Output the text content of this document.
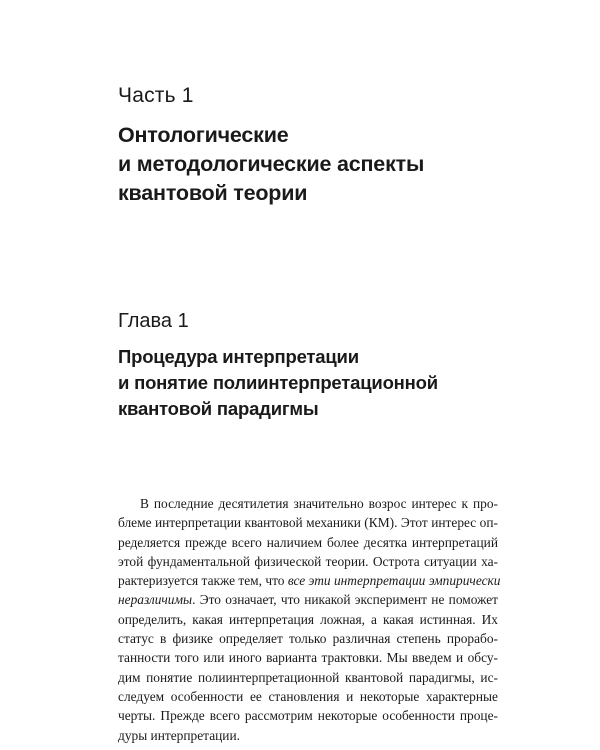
Часть 1
Онтологические
и методологические аспекты
квантовой теории
Глава 1
Процедура интерпретации
и понятие полиинтерпретационной
квантовой парадигмы
В последние десятилетия значительно возрос интерес к про-
блеме интерпретации квантовой механики (КМ). Этот интерес оп-
ределяется прежде всего наличием более десятка интерпретаций
этой фундаментальной физической теории. Острота ситуации ха-
рактеризуется также тем, что все эти интерпретации эмпирически
неразличимы. Это означает, что никакой эксперимент не поможет
определить, какая интерпретация ложная, а какая истинная. Их
статус в физике определяет только различная степень прорабо-
танности того или иного варианта трактовки. Мы введем и обсу-
дим понятие полиинтерпретационной квантовой парадигмы, ис-
следуем особенности ее становления и некоторые характерные
черты. Прежде всего рассмотрим некоторые особенности проце-
дуры интерпретации.
